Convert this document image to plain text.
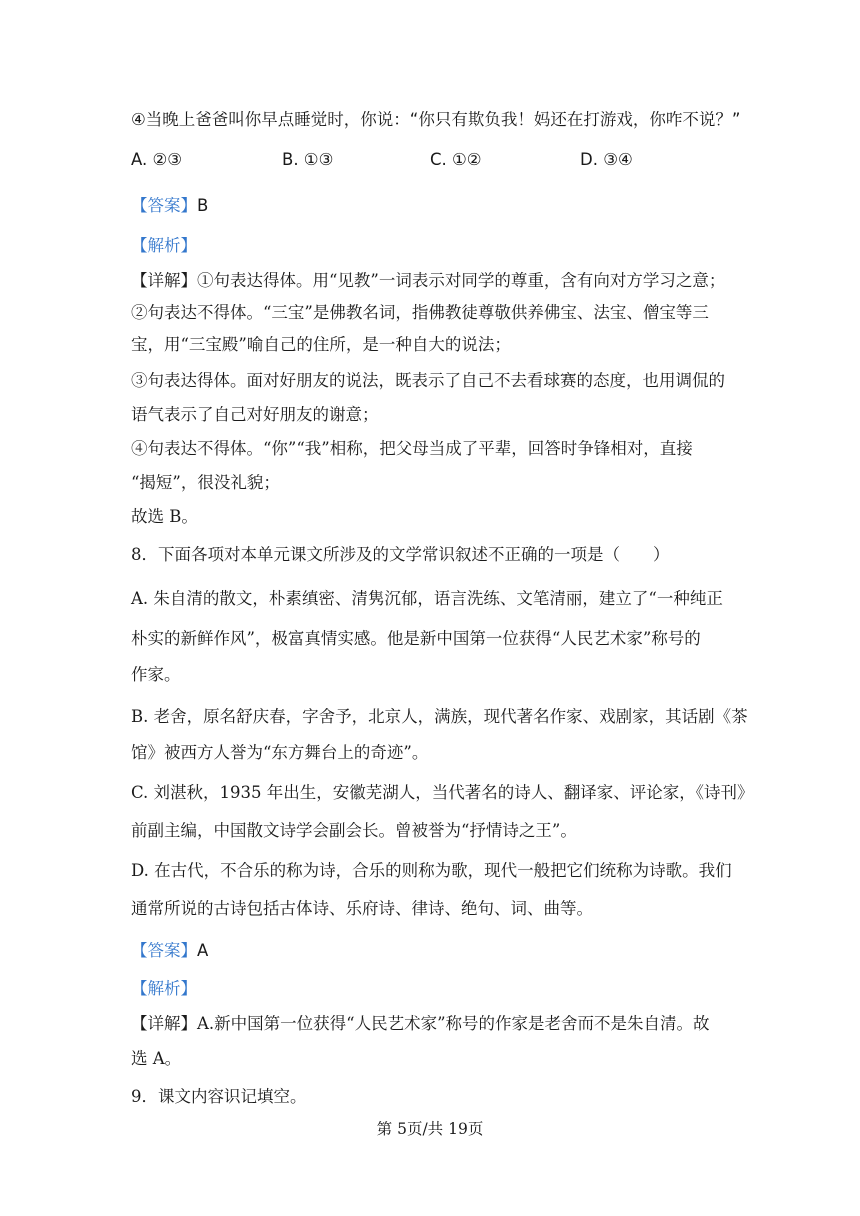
④当晚上爸爸叫你早点睡觉时，你说：“你只有欺负我！妈还在打游戏，你咋不说？”
A. ②③	B. ①③	C. ①②	D. ③④
【答案】B
【解析】
【详解】①句表达得体。用“见教”一词表示对同学的尊重，含有向对方学习之意；
②句表达不得体。“三宝”是佛教名词，指佛教徒尊敬供养佛宝、法宝、僧宝等三
宝，用“三宝殿”喻自己的住所，是一种自大的说法；
③句表达得体。面对好朋友的说法，既表示了自己不去看球赛的态度，也用调侃的
语气表示了自己对好朋友的谢意；
④句表达不得体。“你”“我”相称，把父母当成了平辈，回答时争锋相对，直接
“揭短”，很没礼貌；
故选 B。
8．下面各项对本单元课文所涉及的文学常识叙述不正确的一项是（　　）
A. 朱自清的散文，朴素缜密、清隽沉郁，语言洗练、文笔清丽，建立了“一种纯正
朴实的新鲜作风”，极富真情实感。他是新中国第一位获得“人民艺术家”称号的
作家。
B. 老舍，原名舒庆春，字舍予，北京人，满族，现代著名作家、戏剧家，其话剧《茶
馆》被西方人誉为“东方舞台上的奇迹”。
C. 刘湛秋，1935 年出生，安徽芜湖人，当代著名的诗人、翻译家、评论家，《诗刊》
前副主编，中国散文诗学会副会长。曾被誉为“抒情诗之王”。
D. 在古代，不合乐的称为诗，合乐的则称为歌，现代一般把它们统称为诗歌。我们
通常所说的古诗包括古体诗、乐府诗、律诗、绝句、词、曲等。
【答案】A
【解析】
【详解】A.新中国第一位获得“人民艺术家”称号的作家是老舍而不是朱自清。故
选 A。
9．课文内容识记填空。
第 5页/共 19页
